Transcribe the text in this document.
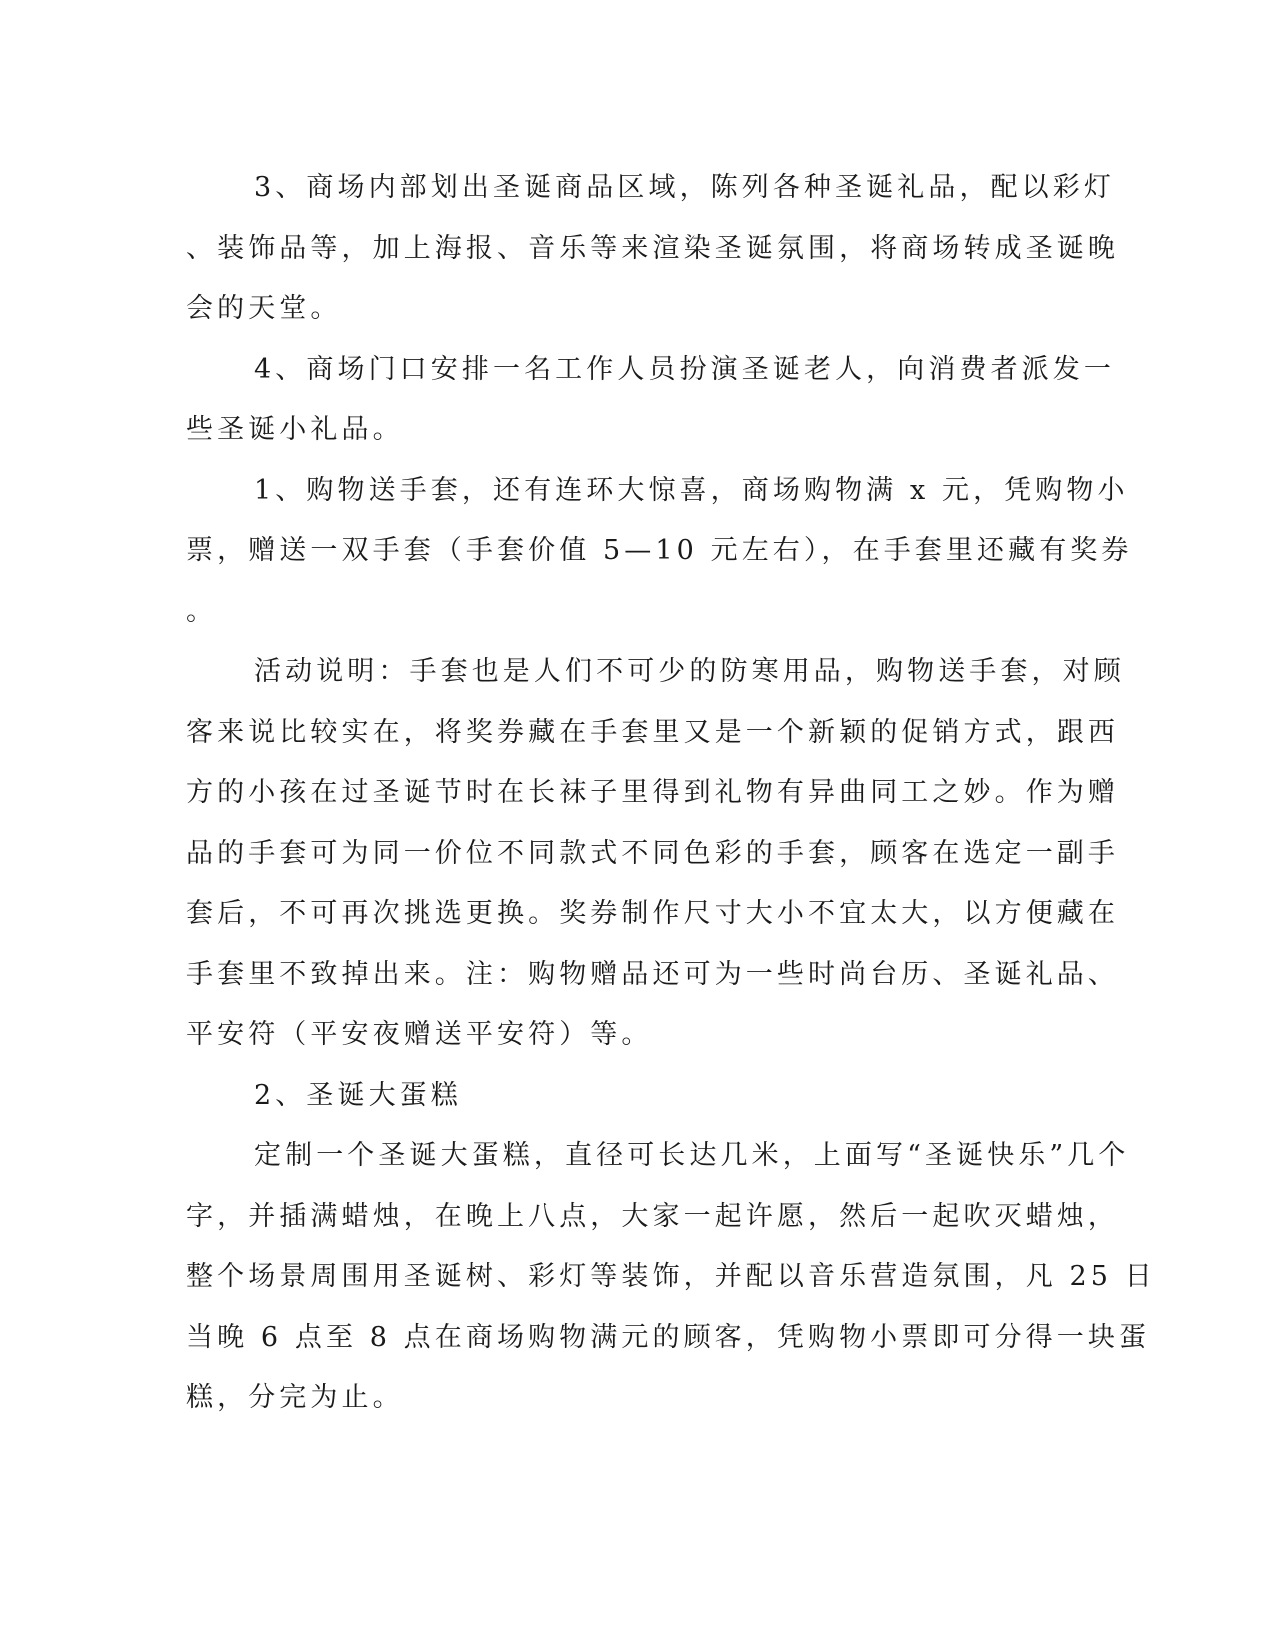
3、商场内部划出圣诞商品区域，陈列各种圣诞礼品，配以彩灯
、装饰品等，加上海报、音乐等来渲染圣诞氛围，将商场转成圣诞晚
会的天堂。
4、商场门口安排一名工作人员扮演圣诞老人，向消费者派发一
些圣诞小礼品。
1、购物送手套，还有连环大惊喜，商场购物满 x 元，凭购物小
票，赠送一双手套（手套价值 5—10 元左右），在手套里还藏有奖券
。
活动说明：手套也是人们不可少的防寒用品，购物送手套，对顾
客来说比较实在，将奖券藏在手套里又是一个新颖的促销方式，跟西
方的小孩在过圣诞节时在长袜子里得到礼物有异曲同工之妙。作为赠
品的手套可为同一价位不同款式不同色彩的手套，顾客在选定一副手
套后，不可再次挑选更换。奖券制作尺寸大小不宜太大，以方便藏在
手套里不致掉出来。注：购物赠品还可为一些时尚台历、圣诞礼品、
平安符（平安夜赠送平安符）等。
2、圣诞大蛋糕
定制一个圣诞大蛋糕，直径可长达几米，上面写“圣诞快乐”几个
字，并插满蜡烛，在晚上八点，大家一起许愿，然后一起吹灭蜡烛，
整个场景周围用圣诞树、彩灯等装饰，并配以音乐营造氛围，凡 25 日
当晚 6 点至 8 点在商场购物满元的顾客，凭购物小票即可分得一块蛋
糕，分完为止。
